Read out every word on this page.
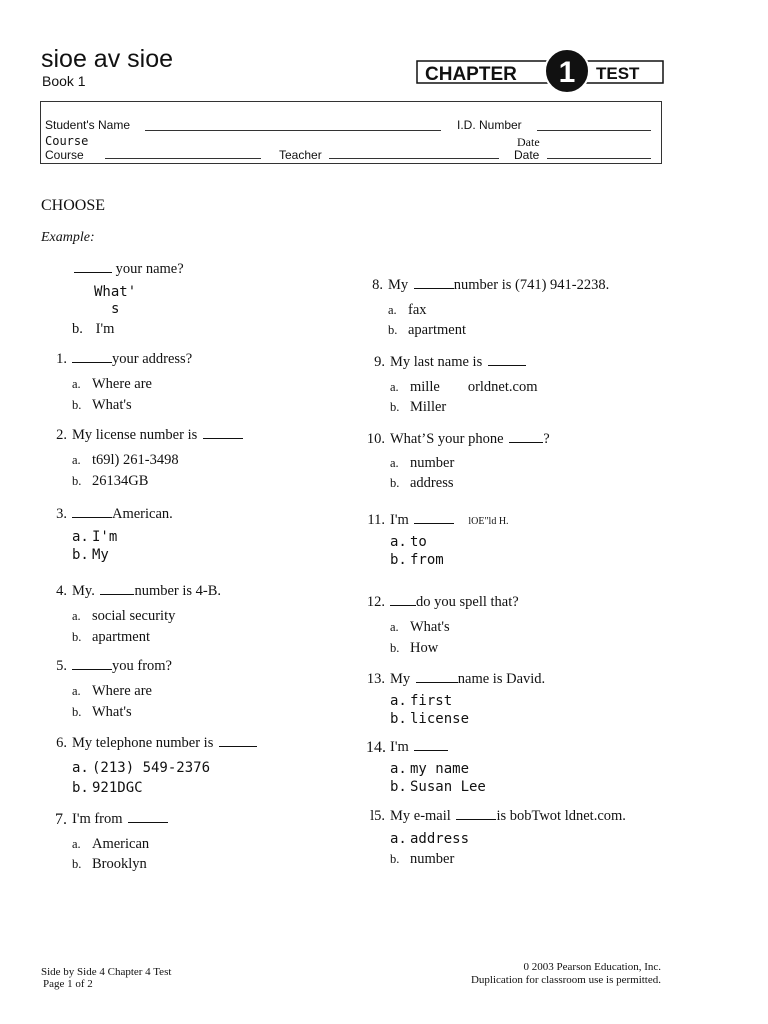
sioe av sioe
Book 1	CHAPTER 1 TEST
Student's Name	I.D. Number
Course	Date
Course	Teacher	Date
CHOOSE
Example:
your name?
What'
s
b. I'm
1.	your address?
a. Where are
b. What's
2. My license number is
a. t69l) 261-3498
b. 26134GB
3.	American.
a. I'm
b. My
4. My.	number is 4-B.
a. social security
b. apartment
5.	you from?
a. Where are
b. What's
6. My telephone number is
a. (213) 549-2376
b. 921DGC
7. I'm from
a. American
b. Brooklyn
8. My	number is (741) 941-2238.
a. fax
b. apartment
9. My last name is
a. mille orldnet.com
b. Miller
10. What’S your phone	?
a. number
b. address
11. I'm	lOE"ld H.
a. to
b. from
12.	do you spell that?
a. What's
b. How
13. My	name is David.
a. first
b. license
14. I'm
a. my name
b. Susan Lee
l5. My e-mail	is bobTwot ldnet.com.
a. address
b. number
Side by Side 4 Chapter 4 Test
Page 1 of 2
0 2003 Pearson Education, Inc.
Duplication for classroom use is permitted.
